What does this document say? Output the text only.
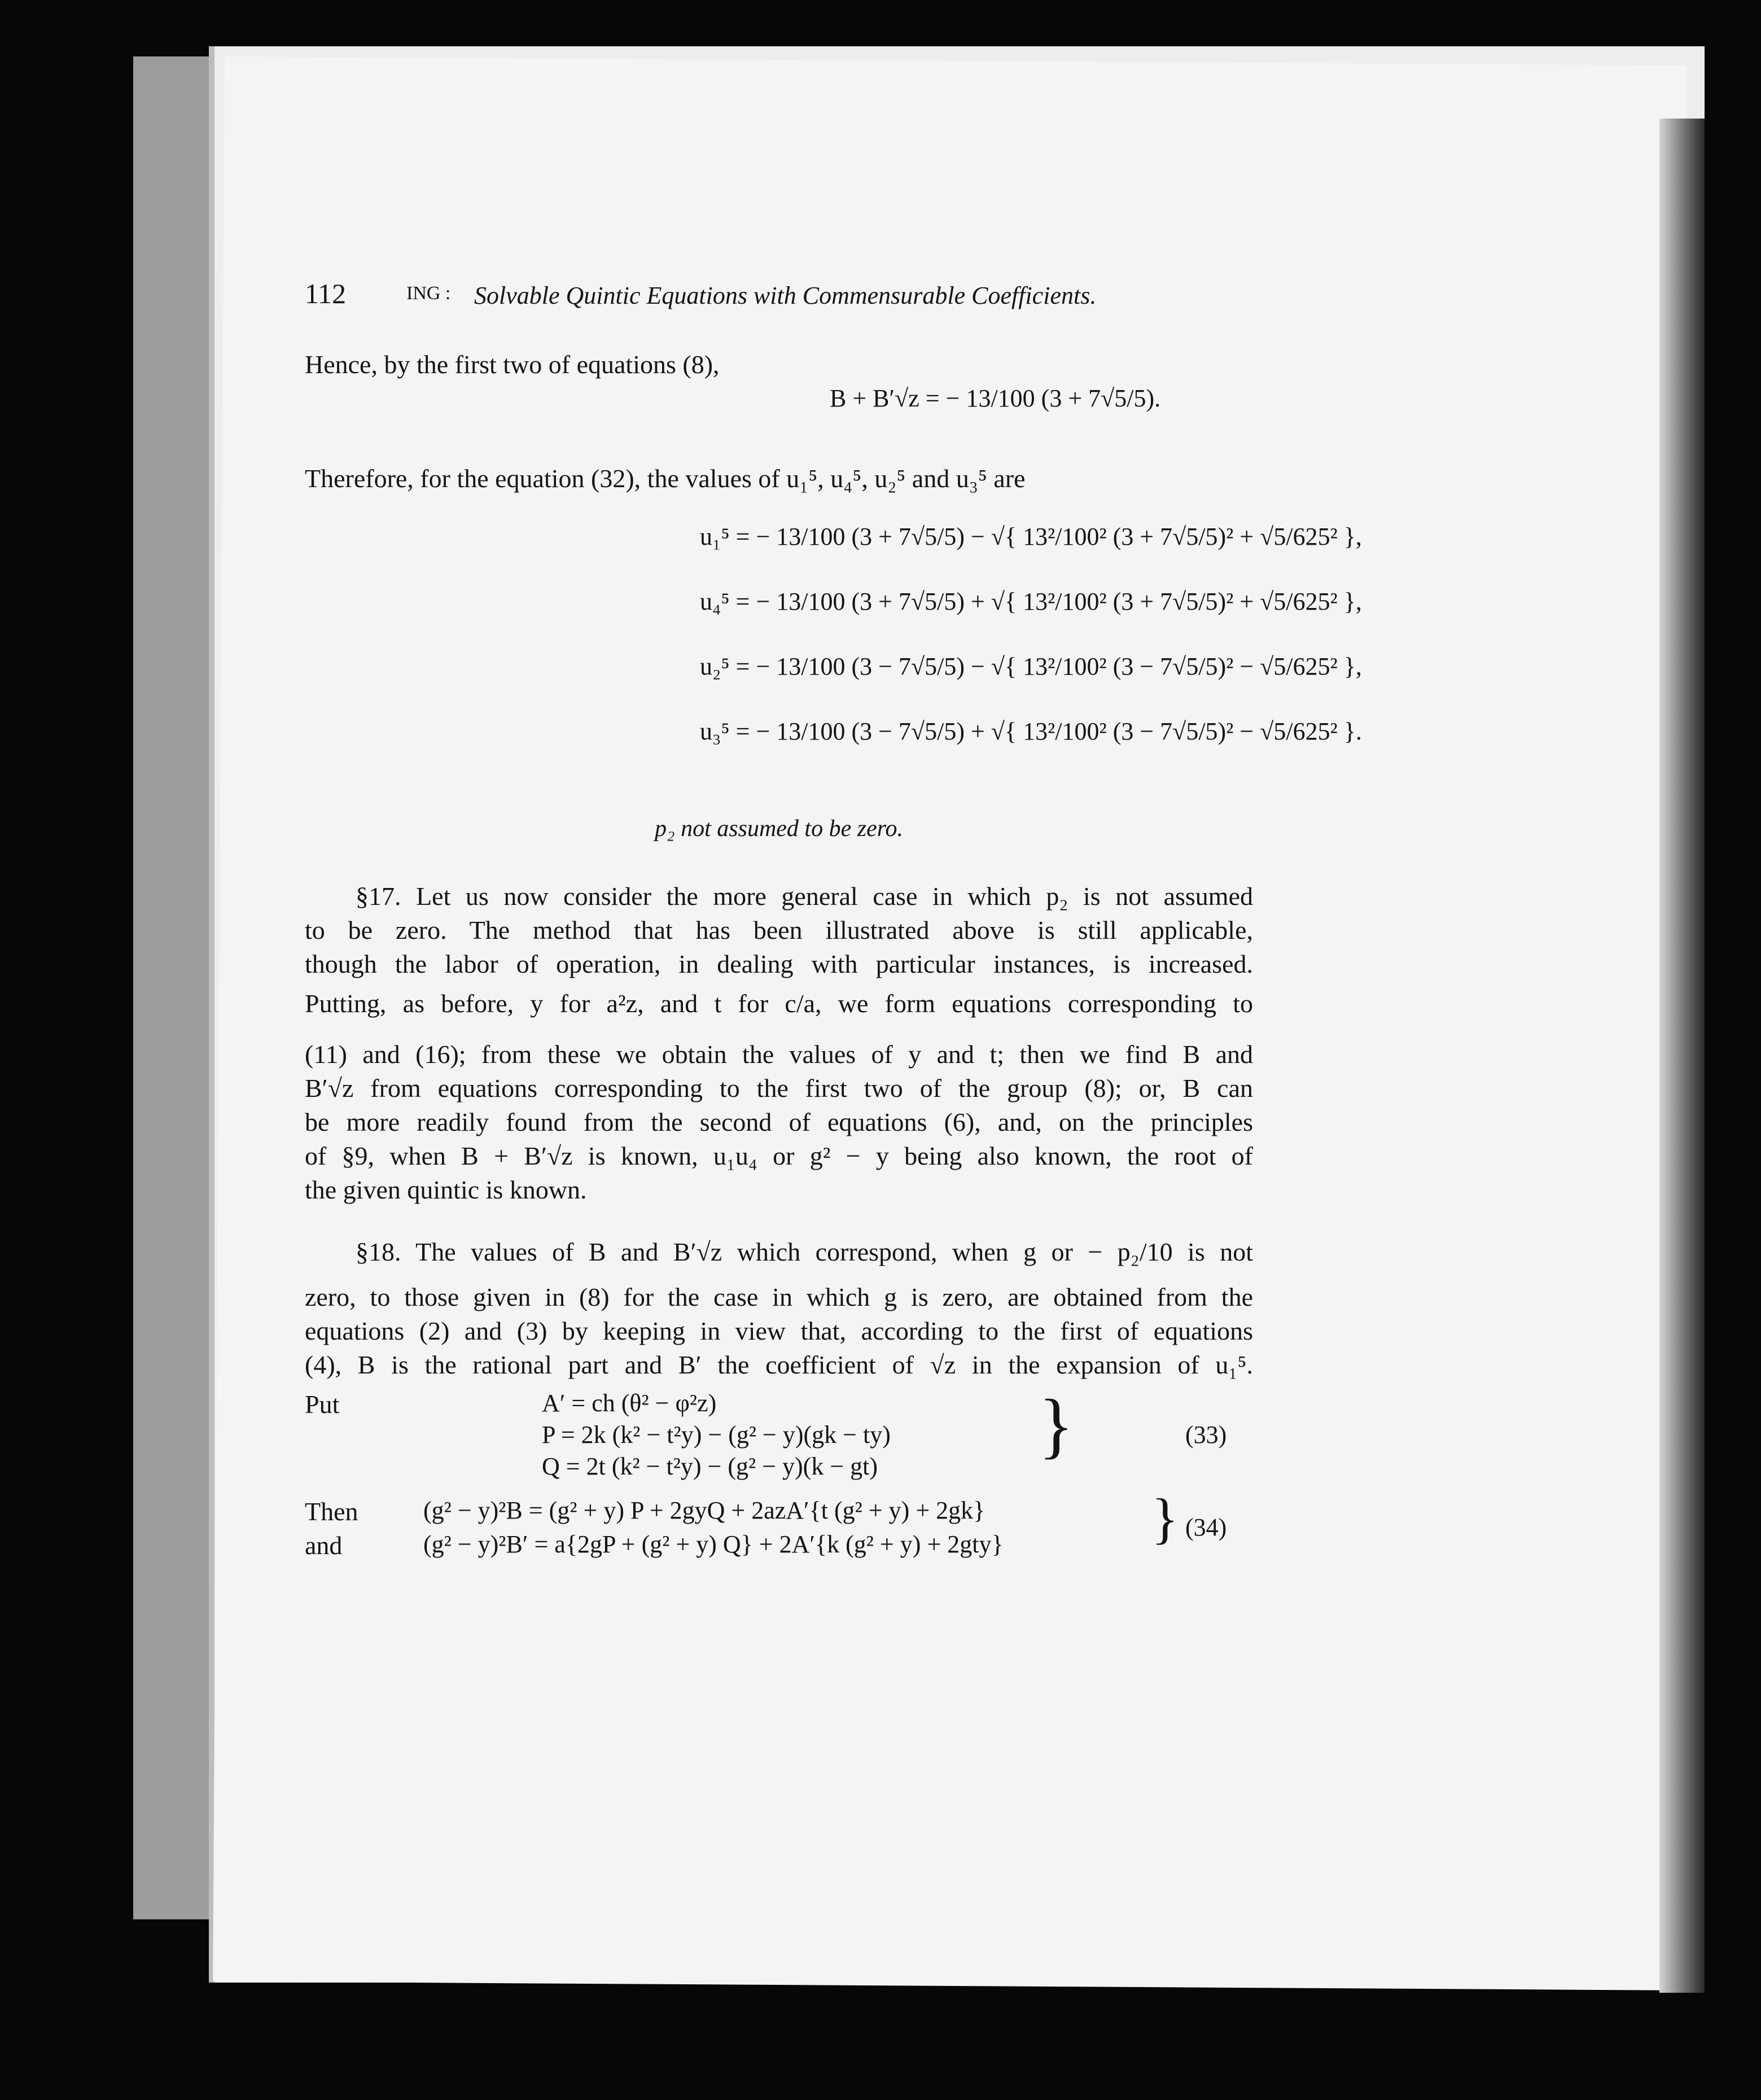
112	ING : Solvable Quintic Equations with Commensurable Coefficients.

Hence, by the first two of equations (8),

B + B′√z = − 13/100 (3 + 7√5/5).

Therefore, for the equation (32), the values of u₁⁵, u₄⁵, u₂⁵ and u₃⁵ are

u₁⁵ = − 13/100 (3 + 7√5/5) − √{ 13²/100² (3 + 7√5/5)² + √5/625² },
u₄⁵ = − 13/100 (3 + 7√5/5) + √{ 13²/100² (3 + 7√5/5)² + √5/625² },
u₂⁵ = − 13/100 (3 − 7√5/5) − √{ 13²/100² (3 − 7√5/5)² − √5/625² },
u₃⁵ = − 13/100 (3 − 7√5/5) + √{ 13²/100² (3 − 7√5/5)² − √5/625² }.
p₂ not assumed to be zero.

§17. Let us now consider the more general case in which p₂ is not assumed

to be zero. The method that has been illustrated above is still applicable,

though the labor of operation, in dealing with particular instances, is increased.

Putting, as before, y for a²z, and t for c/a, we form equations corresponding to

(11) and (16); from these we obtain the values of y and t; then we find B and

B′√z from equations corresponding to the first two of the group (8); or, B can

be more readily found from the second of equations (6), and, on the principles

of §9, when B + B′√z is known, u₁u₄ or g² − y being also known, the root of

the given quintic is known.

§18. The values of B and B′√z which correspond, when g or − p₂/10 is not

zero, to those given in (8) for the case in which g is zero, are obtained from the

equations (2) and (3) by keeping in view that, according to the first of equations

(4), B is the rational part and B′ the coefficient of √z in the expansion of u₁⁵.

Put	A′ = ch (θ² − φ²z)
P = 2k (k² − t²y) − (g² − y)(gk − ty)
Q = 2t (k² − t²y) − (g² − y)(k − gt)
}	(33)
Then
and
(g² − y)²B = (g² + y) P + 2gyQ + 2azA′{t (g² + y) + 2gk}
(g² − y)²B′ = a{2gP + (g² + y) Q} + 2A′{k (g² + y) + 2gty}	} (34)
